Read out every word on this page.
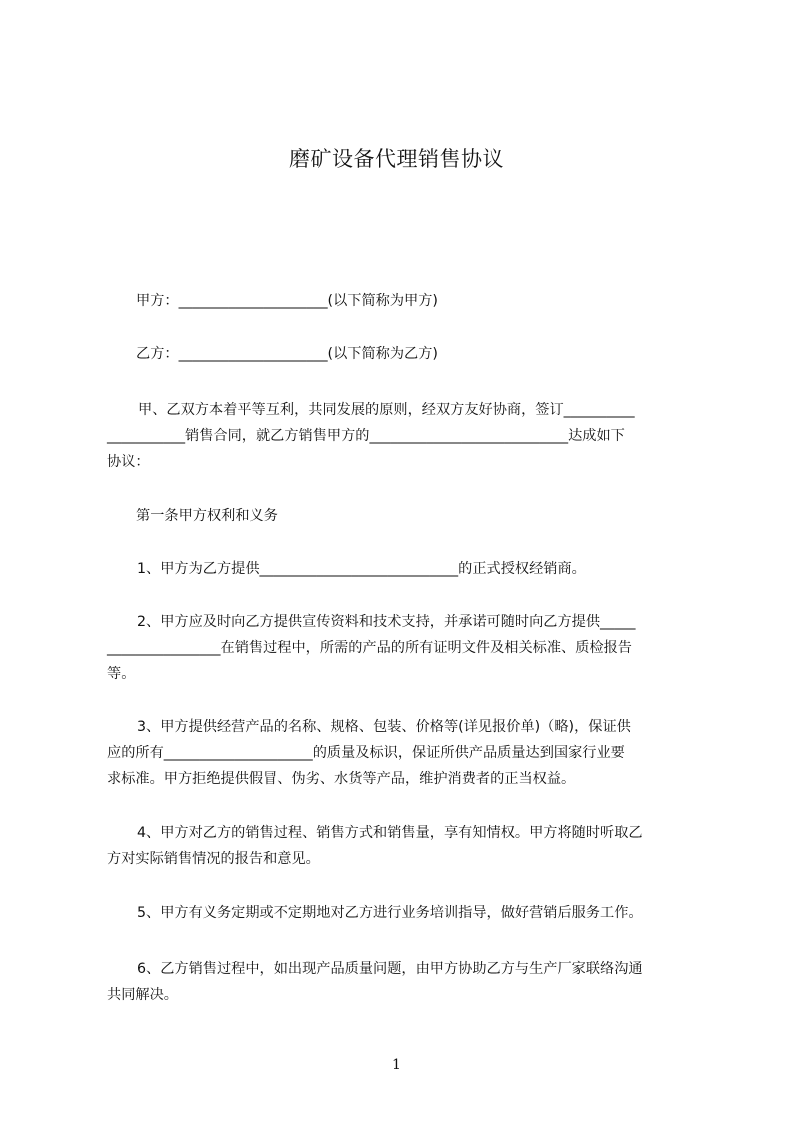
磨矿设备代理销售协议
甲方：_____________________(以下简称为甲方)
乙方：_____________________(以下简称为乙方)
甲、乙双方本着平等互利，共同发展的原则，经双方友好协商，签订__________
___________销售合同，就乙方销售甲方的____________________________达成如下
协议：
第一条甲方权利和义务
1、甲方为乙方提供____________________________的正式授权经销商。
2、甲方应及时向乙方提供宣传资料和技术支持，并承诺可随时向乙方提供_____
________________在销售过程中，所需的产品的所有证明文件及相关标准、质检报告
等。
3、甲方提供经营产品的名称、规格、包装、价格等(详见报价单)（略)，保证供
应的所有_____________________的质量及标识，保证所供产品质量达到国家行业要
求标准。甲方拒绝提供假冒、伪劣、水货等产品，维护消费者的正当权益。
4、甲方对乙方的销售过程、销售方式和销售量，享有知情权。甲方将随时听取乙
方对实际销售情况的报告和意见。
5、甲方有义务定期或不定期地对乙方进行业务培训指导，做好营销后服务工作。
6、乙方销售过程中，如出现产品质量问题，由甲方协助乙方与生产厂家联络沟通
共同解决。
1
